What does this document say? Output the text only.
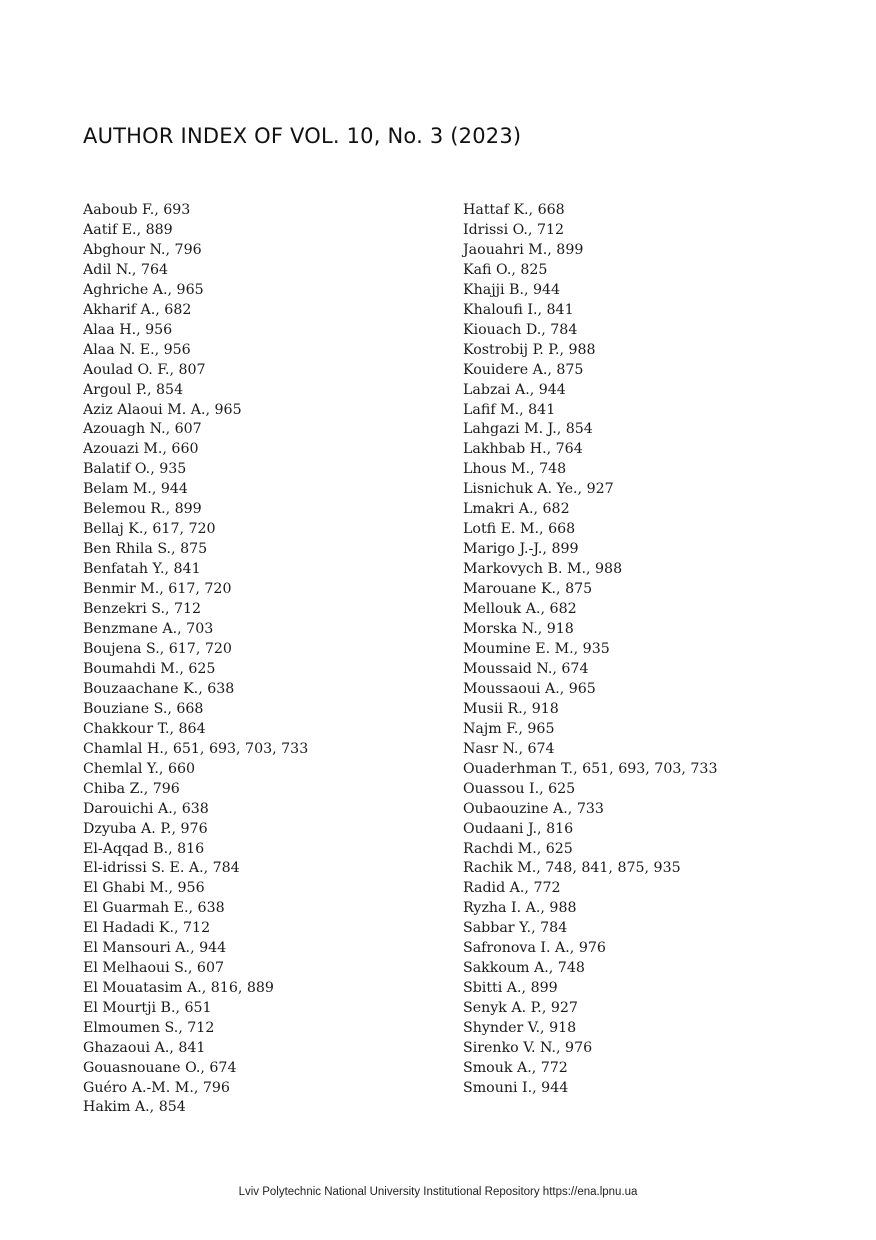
AUTHOR INDEX OF VOL. 10, No. 3 (2023)
Aaboub F., 693
Aatif E., 889
Abghour N., 796
Adil N., 764
Aghriche A., 965
Akharif A., 682
Alaa H., 956
Alaa N. E., 956
Aoulad O. F., 807
Argoul P., 854
Aziz Alaoui M. A., 965
Azouagh N., 607
Azouazi M., 660
Balatif O., 935
Belam M., 944
Belemou R., 899
Bellaj K., 617, 720
Ben Rhila S., 875
Benfatah Y., 841
Benmir M., 617, 720
Benzekri S., 712
Benzmane A., 703
Boujena S., 617, 720
Boumahdi M., 625
Bouzaachane K., 638
Bouziane S., 668
Chakkour T., 864
Chamlal H., 651, 693, 703, 733
Chemlal Y., 660
Chiba Z., 796
Darouichi A., 638
Dzyuba A. P., 976
El-Aqqad B., 816
El-idrissi S. E. A., 784
El Ghabi M., 956
El Guarmah E., 638
El Hadadi K., 712
El Mansouri A., 944
El Melhaoui S., 607
El Mouatasim A., 816, 889
El Mourtji B., 651
Elmoumen S., 712
Ghazaoui A., 841
Gouasnouane O., 674
Guéro A.-M. M., 796
Hakim A., 854
Hattaf K., 668
Idrissi O., 712
Jaouahri M., 899
Kafi O., 825
Khajji B., 944
Khaloufi I., 841
Kiouach D., 784
Kostrobij P. P., 988
Kouidere A., 875
Labzai A., 944
Lafif M., 841
Lahgazi M. J., 854
Lakhbab H., 764
Lhous M., 748
Lisnichuk A. Ye., 927
Lmakri A., 682
Lotfi E. M., 668
Marigo J.-J., 899
Markovych B. M., 988
Marouane K., 875
Mellouk A., 682
Morska N., 918
Moumine E. M., 935
Moussaid N., 674
Moussaoui A., 965
Musii R., 918
Najm F., 965
Nasr N., 674
Ouaderhman T., 651, 693, 703, 733
Ouassou I., 625
Oubaouzine A., 733
Oudaani J., 816
Rachdi M., 625
Rachik M., 748, 841, 875, 935
Radid A., 772
Ryzha I. A., 988
Sabbar Y., 784
Safronova I. A., 976
Sakkoum A., 748
Sbitti A., 899
Senyk A. P., 927
Shynder V., 918
Sirenko V. N., 976
Smouk A., 772
Smouni I., 944
Lviv Polytechnic National University Institutional Repository https://ena.lpnu.ua
